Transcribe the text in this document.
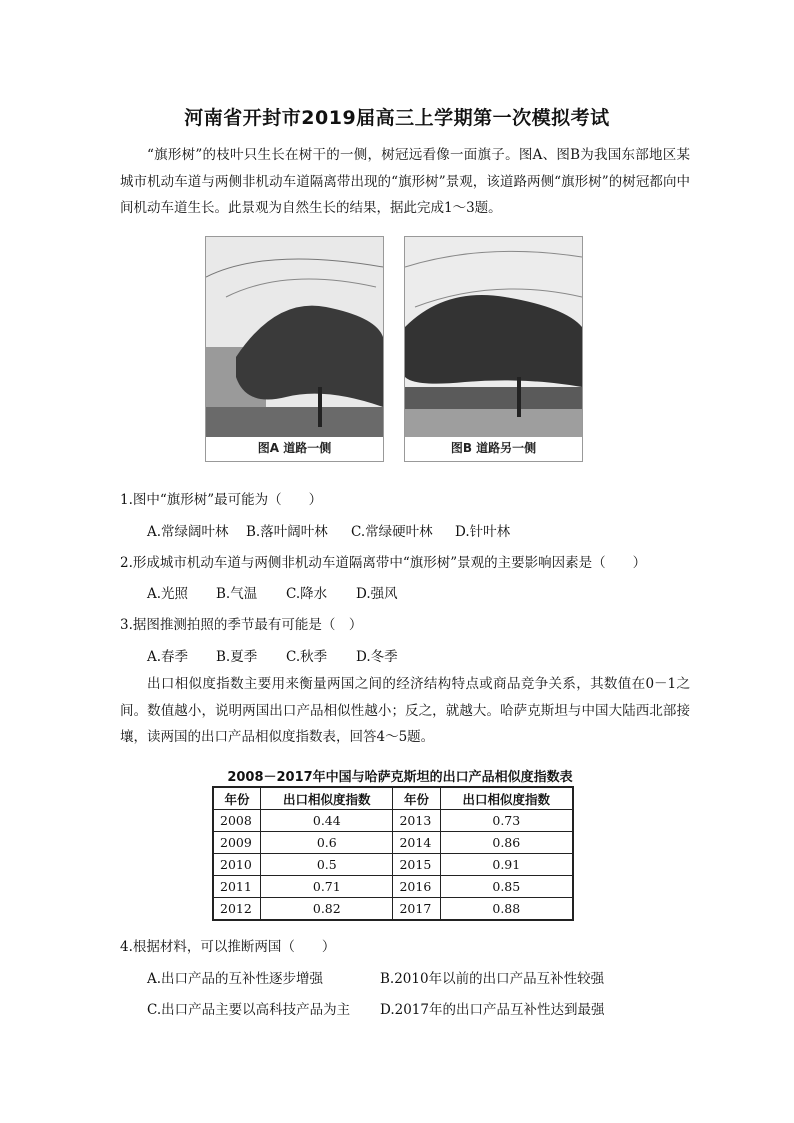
河南省开封市2019届高三上学期第一次模拟考试
“旗形树”的枝叶只生长在树干的一侧，树冠远看像一面旗子。图A、图B为我国东部地区某城市机动车道与两侧非机动车道隔离带出现的“旗形树”景观，该道路两侧“旗形树”的树冠都向中间机动车道生长。此景观为自然生长的结果，据此完成1～3题。
图A 道路一侧	图B 道路另一侧
1.图中“旗形树”最可能为（　　）
A.常绿阔叶林 B.落叶阔叶林 C.常绿硬叶林 D.针叶林
2.形成城市机动车道与两侧非机动车道隔离带中“旗形树”景观的主要影响因素是（　　）
A.光照 B.气温 C.降水 D.强风
3.据图推测拍照的季节最有可能是（　）
A.春季 B.夏季 C.秋季 D.冬季
出口相似度指数主要用来衡量两国之间的经济结构特点或商品竞争关系，其数值在0－1之间。数值越小，说明两国出口产品相似性越小；反之，就越大。哈萨克斯坦与中国大陆西北部接壤，读两国的出口产品相似度指数表，回答4～5题。
2008－2017年中国与哈萨克斯坦的出口产品相似度指数表
年份	出口相似度指数	年份	出口相似度指数
2008	0.44	2013	0.73
2009	0.6	2014	0.86
2010	0.5	2015	0.91
2011	0.71	2016	0.85
2012	0.82	2017	0.88
4.根据材料，可以推断两国（　　）
A.出口产品的互补性逐步增强	B.2010年以前的出口产品互补性较强
C.出口产品主要以高科技产品为主 D.2017年的出口产品互补性达到最强
